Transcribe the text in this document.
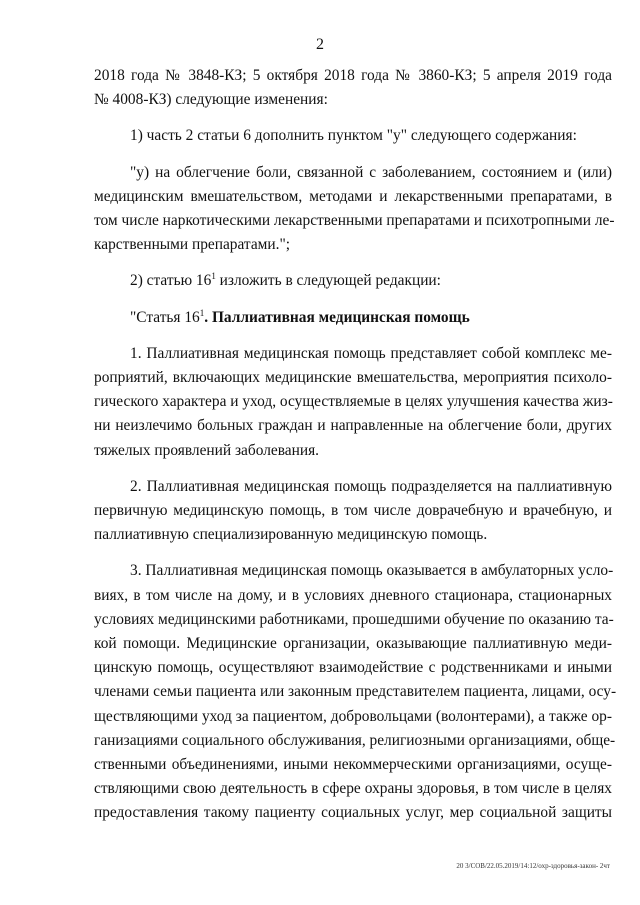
2
2018 года № 3848-КЗ; 5 октября 2018 года № 3860-КЗ; 5 апреля 2019 года
№ 4008-КЗ) следующие изменения:
1) часть 2 статьи 6 дополнить пунктом "у" следующего содержания:
"у) на облегчение боли, связанной с заболеванием, состоянием и (или)
медицинским вмешательством, методами и лекарственными препаратами, в
том числе наркотическими лекарственными препаратами и психотропными ле-
карственными препаратами.";
2) статью $16^1$ изложить в следующей редакции:
"Статья $16^1$. Паллиативная медицинская помощь
1. Паллиативная медицинская помощь представляет собой комплекс ме-
роприятий, включающих медицинские вмешательства, мероприятия психоло-
гического характера и уход, осуществляемые в целях улучшения качества жиз-
ни неизлечимо больных граждан и направленные на облегчение боли, других
тяжелых проявлений заболевания.
2. Паллиативная медицинская помощь подразделяется на паллиативную
первичную медицинскую помощь, в том числе доврачебную и врачебную, и
паллиативную специализированную медицинскую помощь.
3. Паллиативная медицинская помощь оказывается в амбулаторных усло-
виях, в том числе на дому, и в условиях дневного стационара, стационарных
условиях медицинскими работниками, прошедшими обучение по оказанию та-
кой помощи. Медицинские организации, оказывающие паллиативную меди-
цинскую помощь, осуществляют взаимодействие с родственниками и иными
членами семьи пациента или законным представителем пациента, лицами, осу-
ществляющими уход за пациентом, добровольцами (волонтерами), а также ор-
ганизациями социального обслуживания, религиозными организациями, обще-
ственными объединениями, иными некоммерческими организациями, осуще-
ствляющими свою деятельность в сфере охраны здоровья, в том числе в целях
предоставления такому пациенту социальных услуг, мер социальной защиты
20 3/СОВ/22.05.2019/14:12/охр-здоровья-закон- 2чт
